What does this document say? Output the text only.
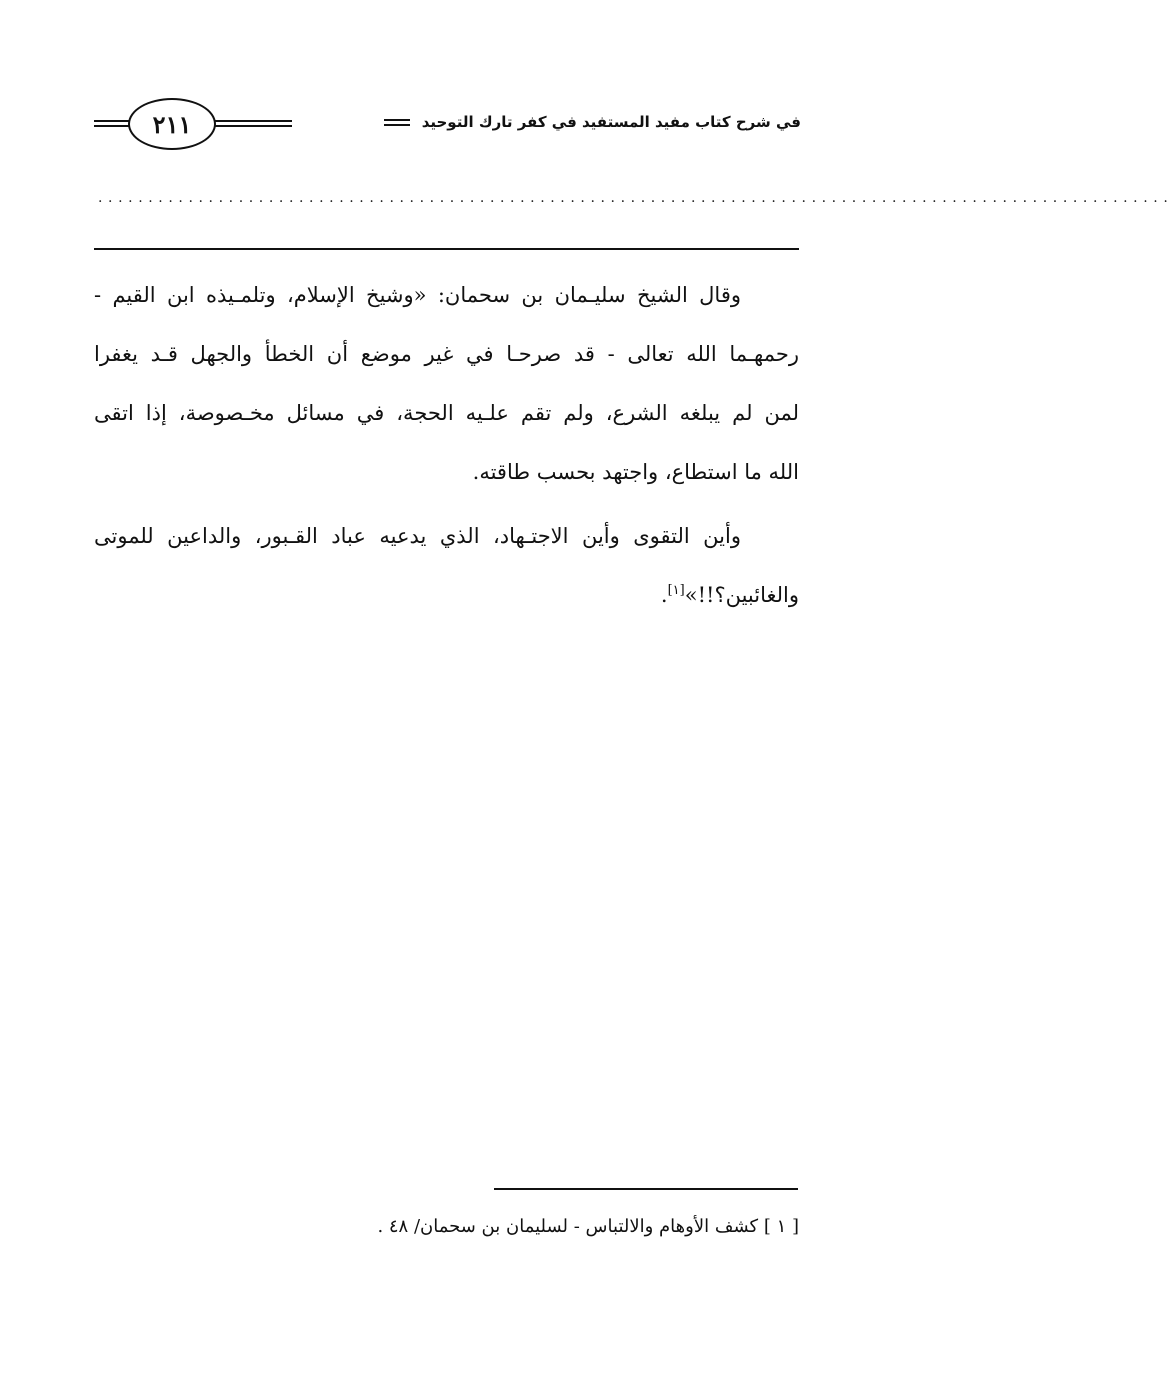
في شرح كتاب مفيد المستفيد في كفر تارك التوحيد
٢١١
...........................................................................................................
وقال الشيخ سليـمان بن سحمان: «وشيخ الإسلام، وتلمـيذه ابن القيم -
رحمهـما الله تعالى - قد صرحـا في غير موضع أن الخطأ والجهل قـد يغفرا
لمن لم يبلغه الشرع، ولم تقم علـيه الحجة، في مسائل مخـصوصة، إذا اتقى
الله ما استطاع، واجتهد بحسب طاقته.
وأين التقوى وأين الاجتـهاد، الذي يدعيه عباد القـبور، والداعين للموتى
والغائبين؟!!»[١].
[ ١ ] كشف الأوهام والالتباس - لسليمان بن سحمان/ ٤٨ .
